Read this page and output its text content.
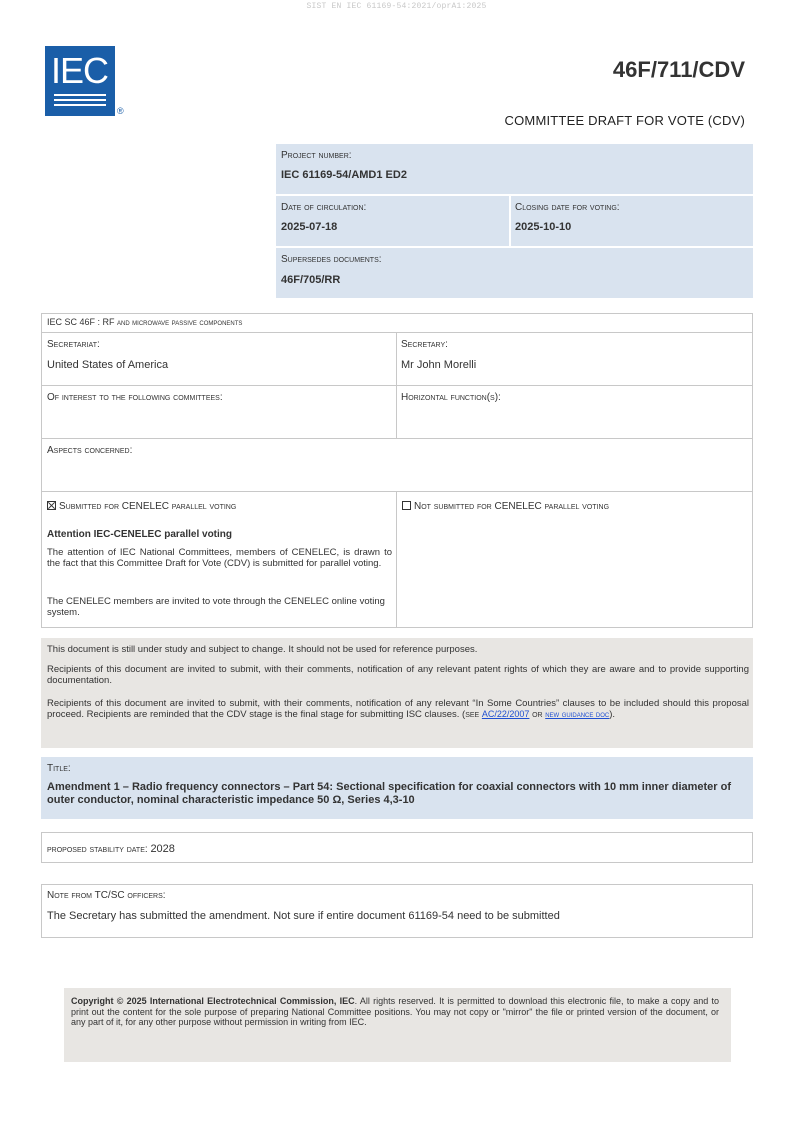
SIST EN IEC 61169-54:2021/oprA1:2025
IEC
®
46F/711/CDV
COMMITTEE DRAFT FOR VOTE (CDV)
Project number:
IEC 61169-54/AMD1 ED2
Date of circulation:
2025-07-18
Closing date for voting:
2025-10-10
Supersedes documents:
46F/705/RR
IEC SC 46F : RF and microwave passive components
Secretariat:
United States of America
Secretary:
Mr John Morelli
Of interest to the following committees:	Horizontal function(s):
Aspects concerned:
Submitted for CENELEC parallel voting	Not submitted for CENELEC parallel voting
Attention IEC-CENELEC parallel voting
The attention of IEC National Committees, members of CENELEC, is drawn to the fact that this Committee Draft for Vote (CDV) is submitted for parallel voting.
The CENELEC members are invited to vote through the CENELEC online voting system.
This document is still under study and subject to change. It should not be used for reference purposes.
Recipients of this document are invited to submit, with their comments, notification of any relevant patent rights of which they are aware and to provide supporting documentation.
Recipients of this document are invited to submit, with their comments, notification of any relevant “In Some Countries” clauses to be included should this proposal proceed. Recipients are reminded that the CDV stage is the final stage for submitting ISC clauses. (see AC/22/2007 or new guidance doc).
Title:
Amendment 1 – Radio frequency connectors – Part 54: Sectional specification for coaxial connectors with 10 mm inner diameter of outer conductor, nominal characteristic impedance 50 Ω, Series 4,3-10
proposed stability date: 2028
Note from TC/SC officers:
The Secretary has submitted the amendment. Not sure if entire document 61169-54 need to be submitted
Copyright © 2025 International Electrotechnical Commission, IEC. All rights reserved. It is permitted to download this electronic file, to make a copy and to print out the content for the sole purpose of preparing National Committee positions. You may not copy or "mirror" the file or printed version of the document, or any part of it, for any other purpose without permission in writing from IEC.
